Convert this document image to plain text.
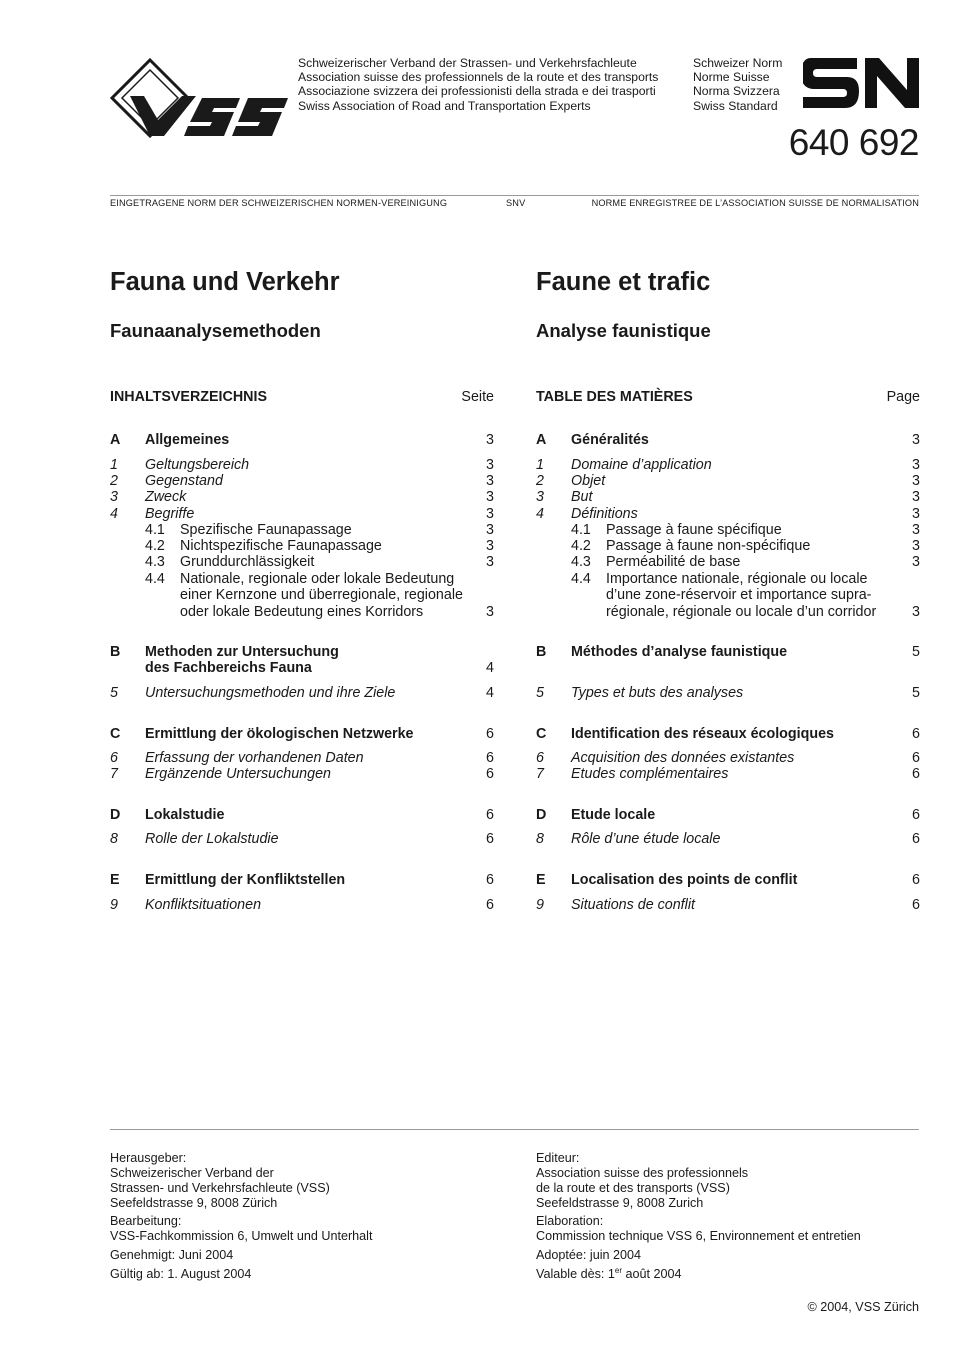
Schweizerischer Verband der Strassen- und Verkehrsfachleute
Association suisse des professionnels de la route et des transports
Associazione svizzera dei professionisti della strada e dei trasporti
Swiss Association of Road and Transportation Experts
Schweizer Norm
Norme Suisse
Norma Svizzera
Swiss Standard
640 692
EINGETRAGENE NORM DER SCHWEIZERISCHEN NORMEN-VEREINIGUNG	SNV	NORME ENREGISTREE DE L’ASSOCIATION SUISSE DE NORMALISATION
Fauna und Verkehr
Faunaanalysemethoden
INHALTSVERZEICHNIS	Seite
A Allgemeines	3
1 Geltungsbereich	3
2 Gegenstand	3
3 Zweck	3
4 Begriffe	3
4.1 Spezifische Faunapassage	3
4.2 Nichtspezifische Faunapassage	3
4.3 Grunddurchlässigkeit	3
4.4 Nationale, regionale oder lokale Bedeutung
einer Kernzone und überregionale, regionale
oder lokale Bedeutung eines Korridors	3
B Methoden zur Untersuchung
des Fachbereichs Fauna	4
5 Untersuchungsmethoden und ihre Ziele	4
C Ermittlung der ökologischen Netzwerke	6
6 Erfassung der vorhandenen Daten	6
7 Ergänzende Untersuchungen	6
D Lokalstudie	6
8 Rolle der Lokalstudie	6
E Ermittlung der Konfliktstellen	6
9 Konfliktsituationen	6
Faune et trafic
Analyse faunistique
TABLE DES MATIÈRES	Page
A Généralités	3
1 Domaine d’application	3
2 Objet	3
3 But	3
4 Définitions	3
4.1 Passage à faune spécifique	3
4.2 Passage à faune non-spécifique	3
4.3 Perméabilité de base	3
4.4 Importance nationale, régionale ou locale
d’une zone-réservoir et importance supra-
régionale, régionale ou locale d’un corridor	3
B Méthodes d’analyse faunistique	5
5 Types et buts des analyses	5
C Identification des réseaux écologiques	6
6 Acquisition des données existantes	6
7 Etudes complémentaires	6
D Etude locale	6
8 Rôle d’une étude locale	6
E Localisation des points de conflit	6
9 Situations de conflit	6
Herausgeber:
Schweizerischer Verband der
Strassen- und Verkehrsfachleute (VSS)
Seefeldstrasse 9, 8008 Zürich
Bearbeitung:
VSS-Fachkommission 6, Umwelt und Unterhalt
Genehmigt: Juni 2004
Gültig ab: 1. August 2004
Editeur:
Association suisse des professionnels
de la route et des transports (VSS)
Seefeldstrasse 9, 8008 Zurich
Elaboration:
Commission technique VSS 6, Environnement et entretien
Adoptée: juin 2004
Valable dès: 1er août 2004
© 2004, VSS Zürich
